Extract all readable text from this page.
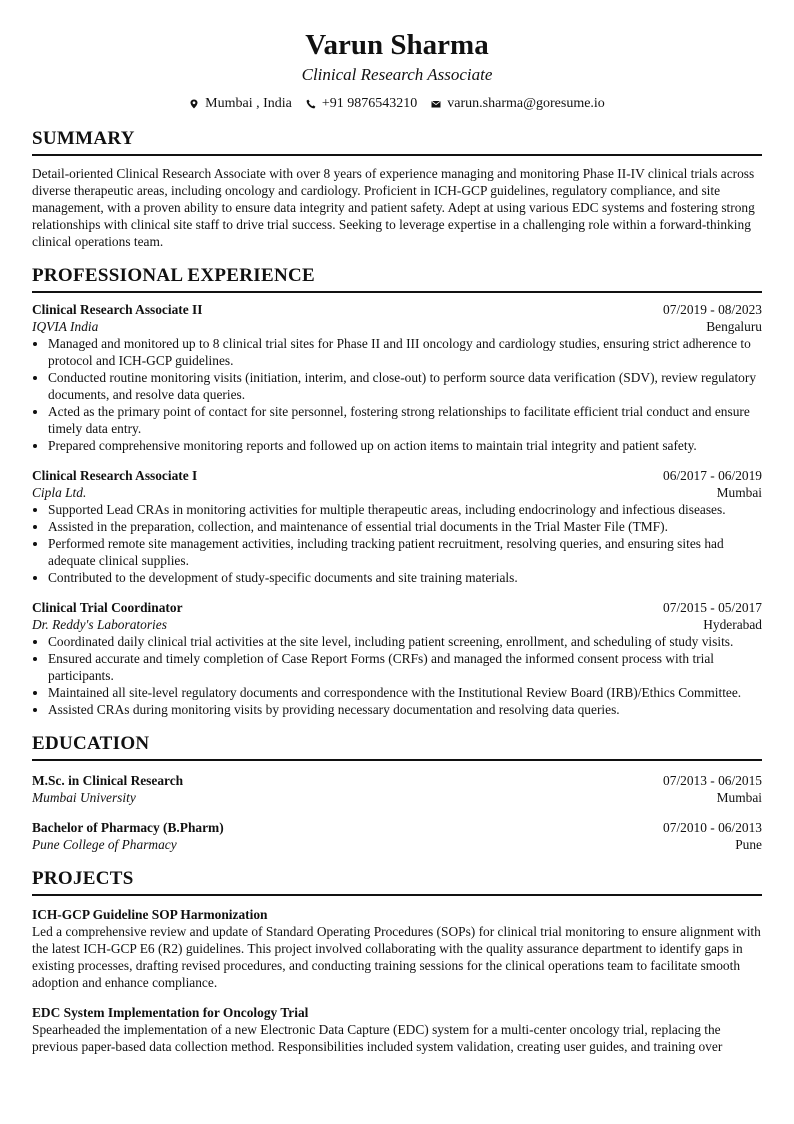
Varun Sharma
Clinical Research Associate
Mumbai , India +91 9876543210 varun.sharma@goresume.io
SUMMARY
Detail-oriented Clinical Research Associate with over 8 years of experience managing and monitoring Phase II-IV clinical trials across diverse therapeutic areas, including oncology and cardiology. Proficient in ICH-GCP guidelines, regulatory compliance, and site management, with a proven ability to ensure data integrity and patient safety. Adept at using various EDC systems and fostering strong relationships with clinical site staff to drive trial success. Seeking to leverage expertise in a challenging role within a forward-thinking clinical operations team.
PROFESSIONAL EXPERIENCE
Clinical Research Associate II	07/2019 - 08/2023
IQVIA India	Bengaluru
• Managed and monitored up to 8 clinical trial sites for Phase II and III oncology and cardiology studies, ensuring strict adherence to protocol and ICH-GCP guidelines.
• Conducted routine monitoring visits (initiation, interim, and close-out) to perform source data verification (SDV), review regulatory documents, and resolve data queries.
• Acted as the primary point of contact for site personnel, fostering strong relationships to facilitate efficient trial conduct and ensure timely data entry.
• Prepared comprehensive monitoring reports and followed up on action items to maintain trial integrity and patient safety.
Clinical Research Associate I	06/2017 - 06/2019
Cipla Ltd.	Mumbai
• Supported Lead CRAs in monitoring activities for multiple therapeutic areas, including endocrinology and infectious diseases.
• Assisted in the preparation, collection, and maintenance of essential trial documents in the Trial Master File (TMF).
• Performed remote site management activities, including tracking patient recruitment, resolving queries, and ensuring sites had adequate clinical supplies.
• Contributed to the development of study-specific documents and site training materials.
Clinical Trial Coordinator	07/2015 - 05/2017
Dr. Reddy's Laboratories	Hyderabad
• Coordinated daily clinical trial activities at the site level, including patient screening, enrollment, and scheduling of study visits.
• Ensured accurate and timely completion of Case Report Forms (CRFs) and managed the informed consent process with trial participants.
• Maintained all site-level regulatory documents and correspondence with the Institutional Review Board (IRB)/Ethics Committee.
• Assisted CRAs during monitoring visits by providing necessary documentation and resolving data queries.
EDUCATION
M.Sc. in Clinical Research	07/2013 - 06/2015
Mumbai University	Mumbai
Bachelor of Pharmacy (B.Pharm)	07/2010 - 06/2013
Pune College of Pharmacy	Pune
PROJECTS
ICH-GCP Guideline SOP Harmonization
Led a comprehensive review and update of Standard Operating Procedures (SOPs) for clinical trial monitoring to ensure alignment with the latest ICH-GCP E6 (R2) guidelines. This project involved collaborating with the quality assurance department to identify gaps in existing processes, drafting revised procedures, and conducting training sessions for the clinical operations team to facilitate smooth adoption and enhance compliance.
EDC System Implementation for Oncology Trial
Spearheaded the implementation of a new Electronic Data Capture (EDC) system for a multi-center oncology trial, replacing the previous paper-based data collection method. Responsibilities included system validation, creating user guides, and training over
